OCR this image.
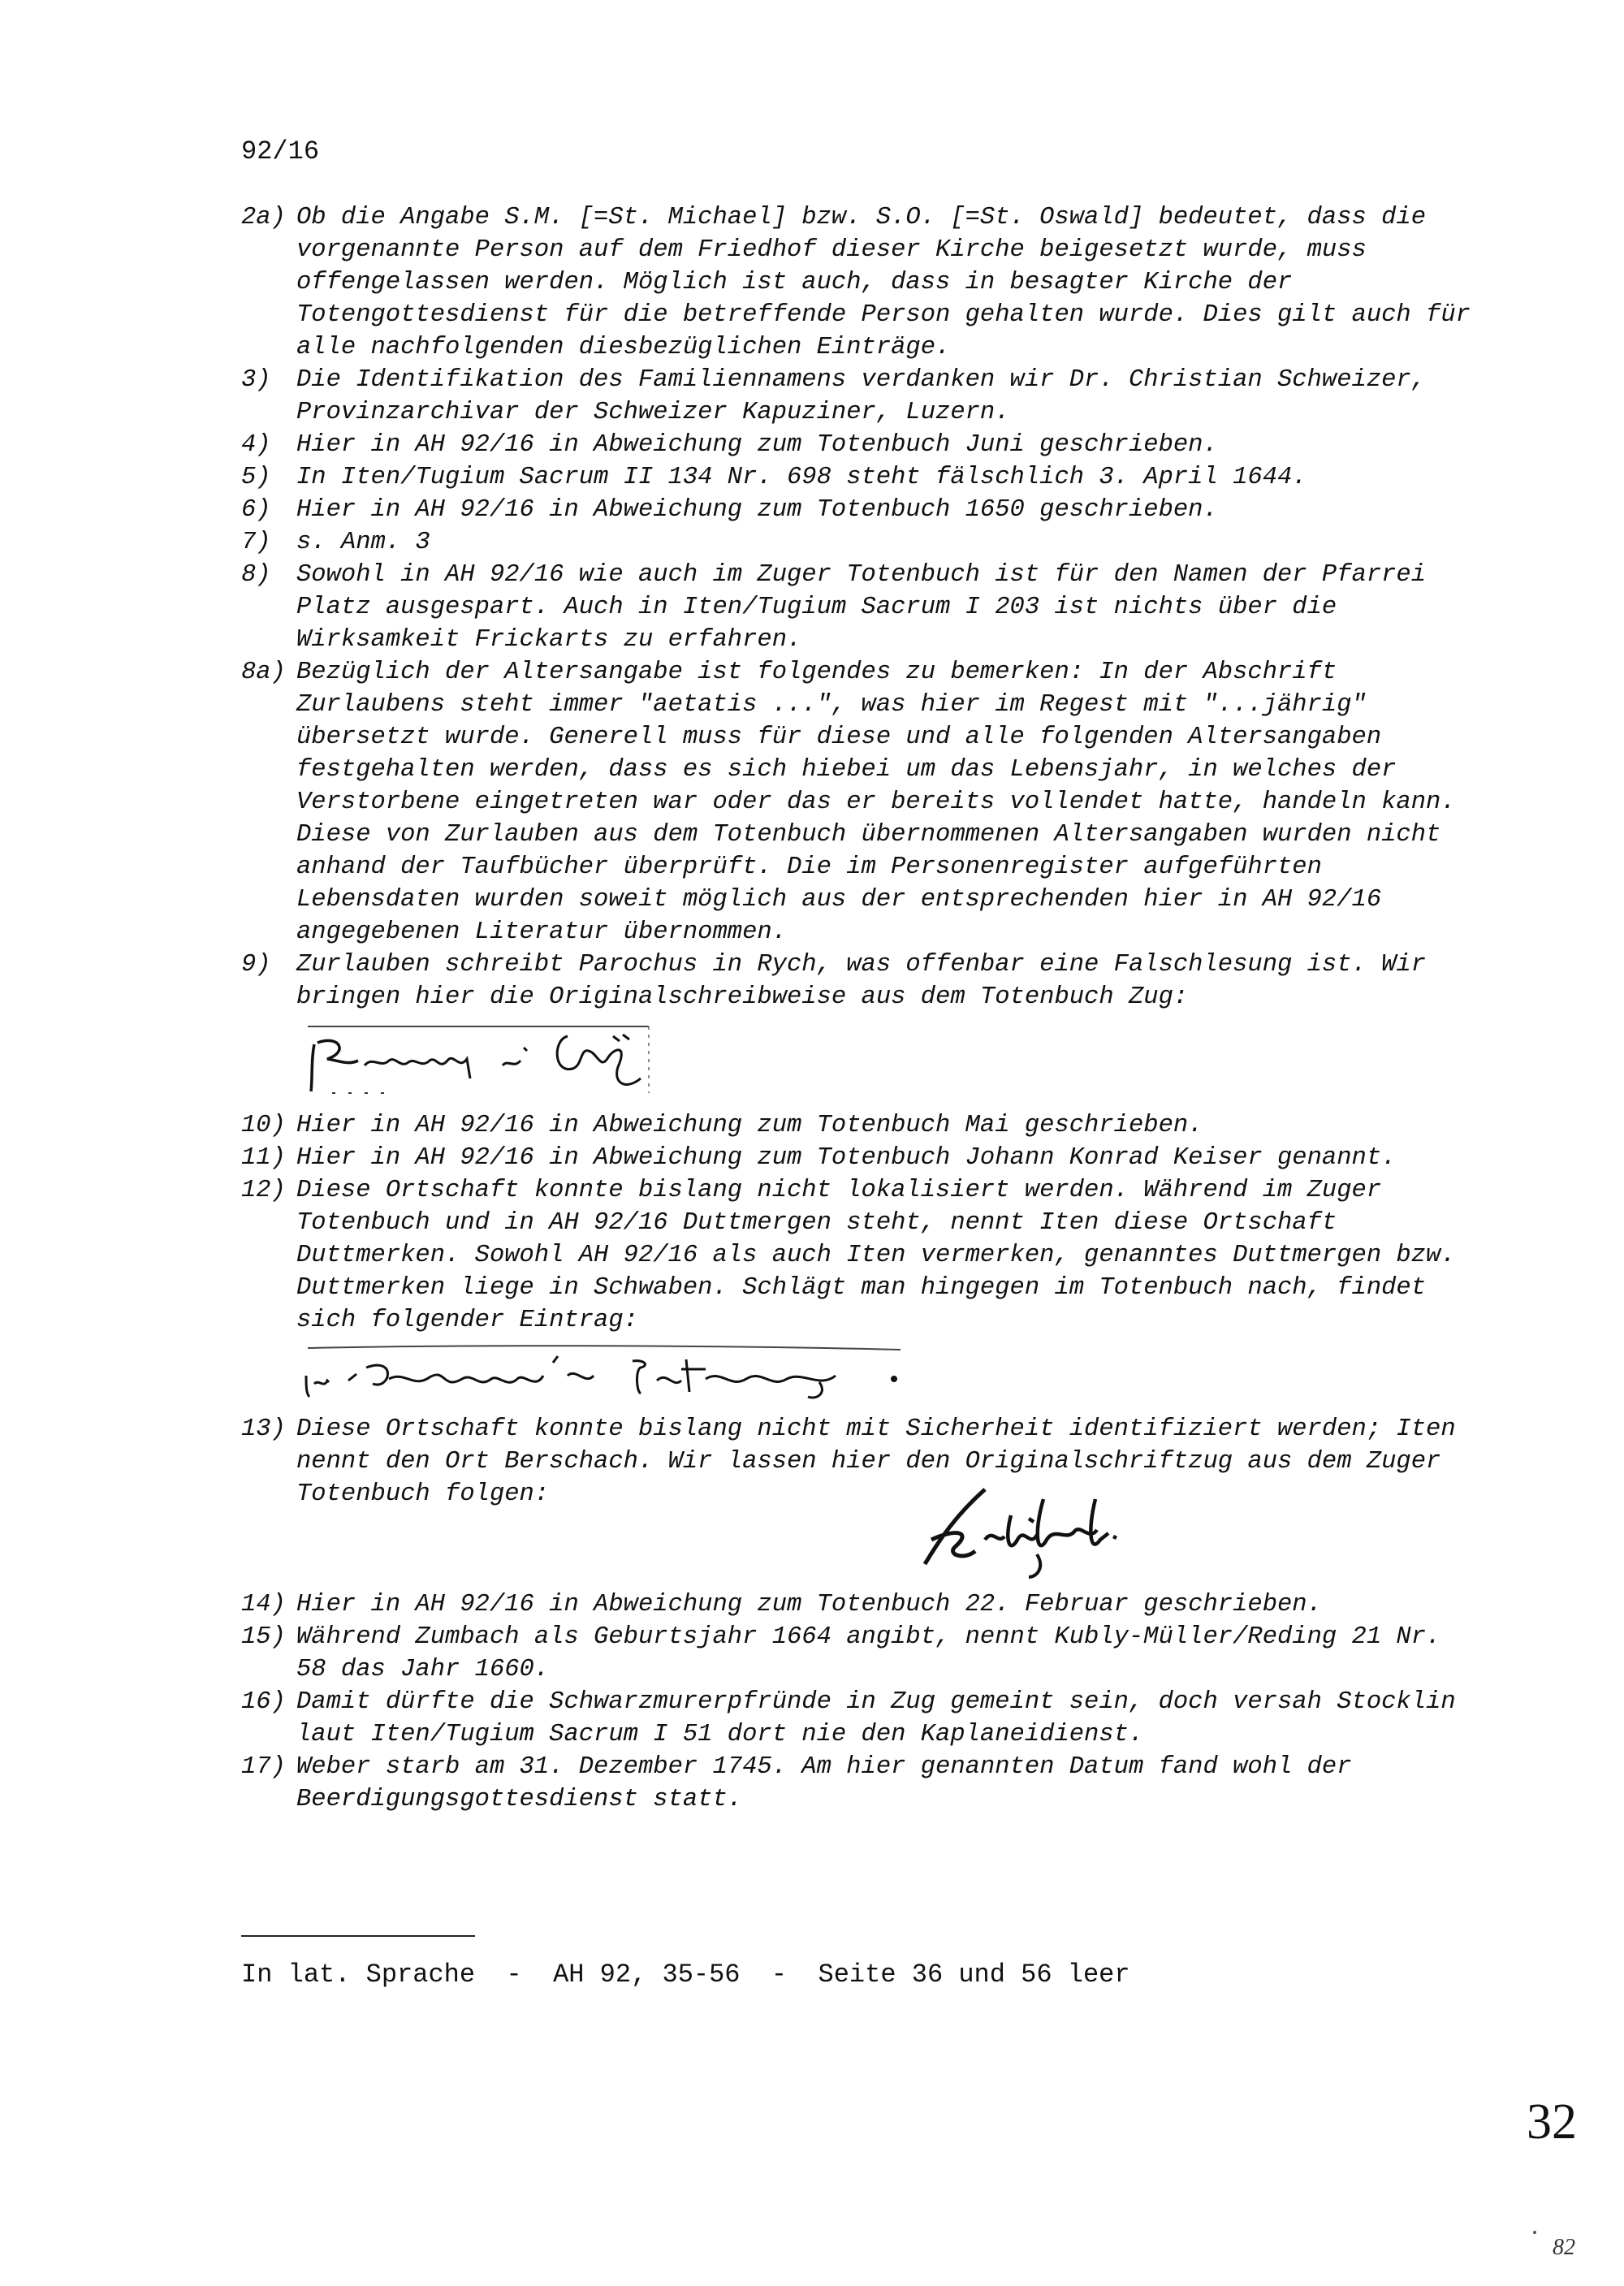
92/16
2a) Ob die Angabe S.M. [=St. Michael] bzw. S.O. [=St. Oswald] bedeutet, dass die vorgenannte Person auf dem Friedhof dieser Kirche beigesetzt wurde, muss offengelassen werden. Möglich ist auch, dass in besagter Kirche der Totengottesdienst für die betreffende Person gehalten wurde. Dies gilt auch für alle nachfolgenden diesbezüglichen Einträge.

3)	Die Identifikation des Familiennamens verdanken wir Dr. Christian Schweizer, Provinzarchivar der Schweizer Kapuziner, Luzern.

4)	Hier in AH 92/16 in Abweichung zum Totenbuch Juni geschrieben.

5)	In Iten/Tugium Sacrum II 134 Nr. 698 steht fälschlich 3. April 1644.

6)	Hier in AH 92/16 in Abweichung zum Totenbuch 1650 geschrieben.

7)	s. Anm. 3

8)	Sowohl in AH 92/16 wie auch im Zuger Totenbuch ist für den Namen der Pfarrei Platz ausgespart. Auch in Iten/Tugium Sacrum I 203 ist nichts über die Wirksamkeit Frickarts zu erfahren.

8a) Bezüglich der Altersangabe ist folgendes zu bemerken: In der Abschrift Zurlaubens steht immer "aetatis ...", was hier im Regest mit "...jährig" übersetzt wurde. Generell muss für diese und alle folgenden Altersangaben festgehalten werden, dass es sich hiebei um das Lebensjahr, in welches der Verstorbene eingetreten war oder das er bereits vollendet hatte, handeln kann. Diese von Zurlauben aus dem Totenbuch übernommenen Altersangaben wurden nicht anhand der Taufbücher überprüft. Die im Personenregister aufgeführten Lebensdaten wurden soweit möglich aus der entsprechenden hier in AH 92/16 angegebenen Literatur übernommen.

9)	Zurlauben schreibt Parochus in Rych, was offenbar eine Falschlesung ist. Wir bringen hier die Originalschreibweise aus dem Totenbuch Zug:

10) Hier in AH 92/16 in Abweichung zum Totenbuch Mai geschrieben.

11) Hier in AH 92/16 in Abweichung zum Totenbuch Johann Konrad Keiser genannt.

12) Diese Ortschaft konnte bislang nicht lokalisiert werden. Während im Zuger Totenbuch und in AH 92/16 Duttmergen steht, nennt Iten diese Ortschaft Duttmerken. Sowohl AH 92/16 als auch Iten vermerken, genanntes Duttmergen bzw. Duttmerken liege in Schwaben. Schlägt man hingegen im Totenbuch nach, findet sich folgender Eintrag:

13) Diese Ortschaft konnte bislang nicht mit Sicherheit identifiziert werden; Iten nennt den Ort Berschach. Wir lassen hier den Originalschriftzug aus dem Zuger Totenbuch folgen:

14) Hier in AH 92/16 in Abweichung zum Totenbuch 22. Februar geschrieben.

15) Während Zumbach als Geburtsjahr 1664 angibt, nennt Kubly-Müller/Reding 21 Nr. 58 das Jahr 1660.

16) Damit dürfte die Schwarzmurerpfründe in Zug gemeint sein, doch versah Stocklin laut Iten/Tugium Sacrum I 51 dort nie den Kaplaneidienst.

17) Weber starb am 31. Dezember 1745. Am hier genannten Datum fand wohl der Beerdigungsgottesdienst statt.

In lat. Sprache  -  AH 92, 35-56  -  Seite 36 und 56 leer
32
82
